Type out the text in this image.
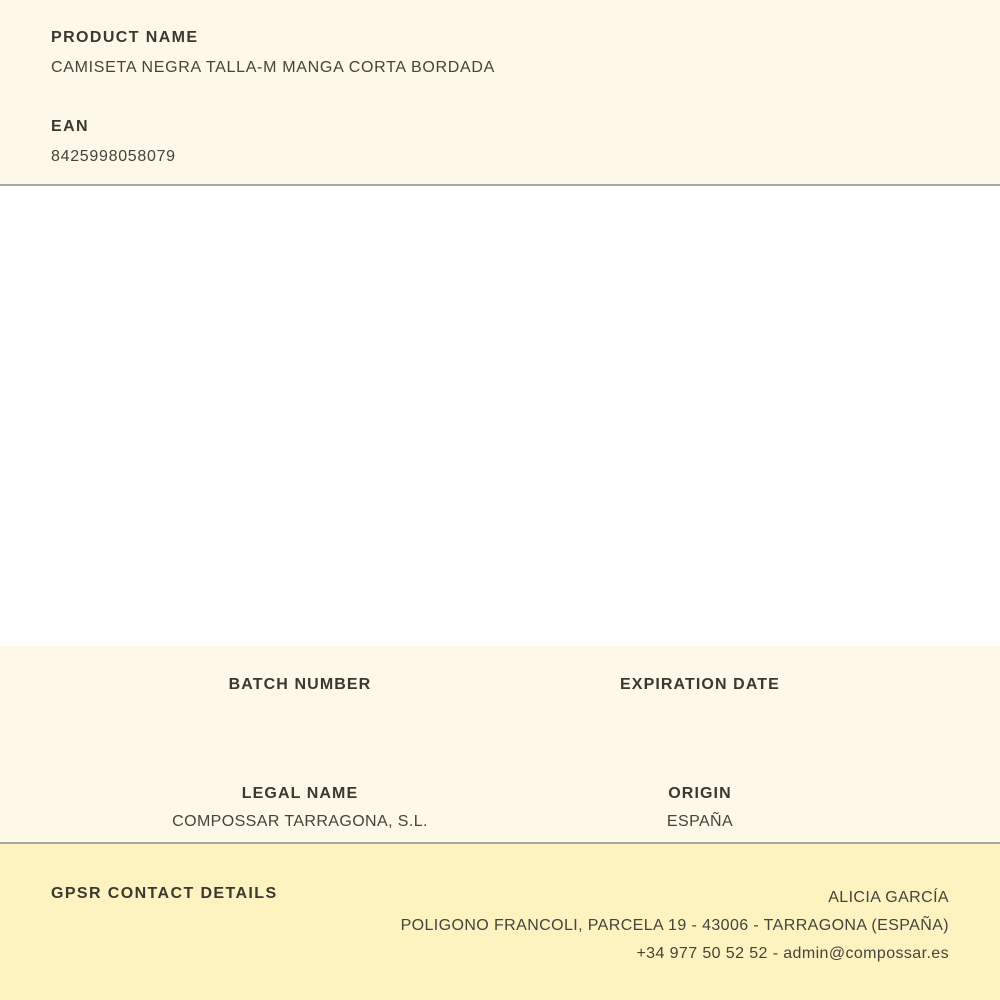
PRODUCT NAME
CAMISETA NEGRA TALLA-M MANGA CORTA BORDADA
EAN
8425998058079
BATCH NUMBER	EXPIRATION DATE
LEGAL NAME
COMPOSSAR TARRAGONA, S.L.
ORIGIN
ESPAÑA
GPSR CONTACT DETAILS	ALICIA GARCÍA
POLIGONO FRANCOLI, PARCELA 19 - 43006 - TARRAGONA (ESPAÑA)
+34 977 50 52 52 - admin@compossar.es
